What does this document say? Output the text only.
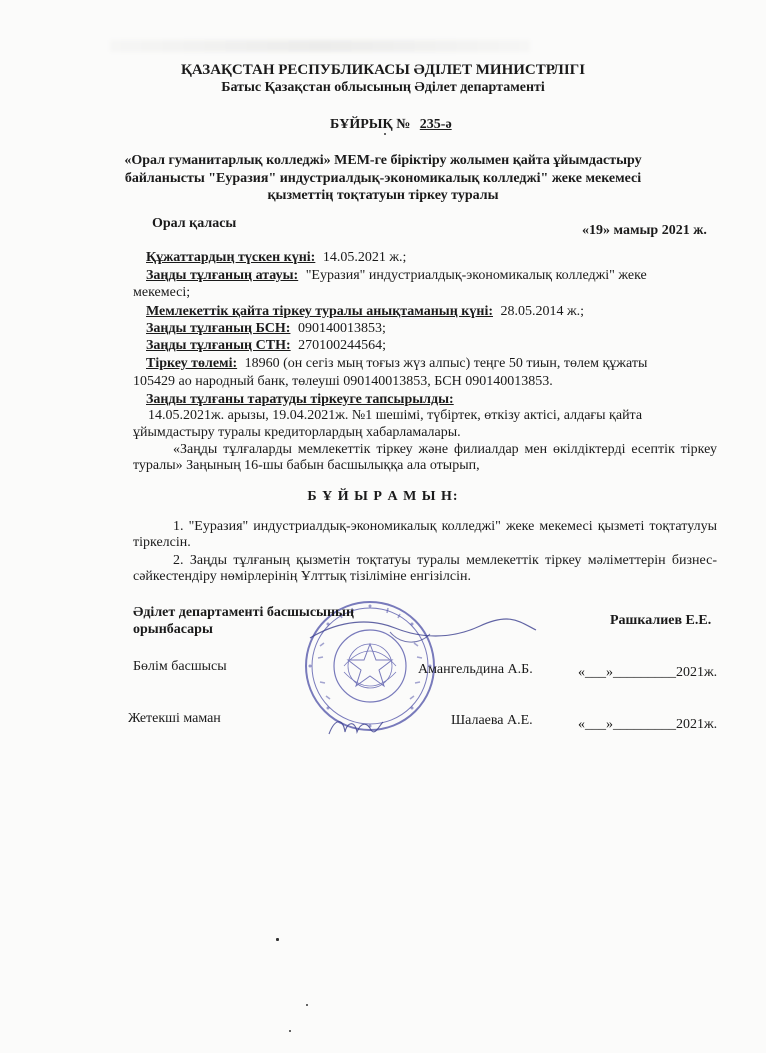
ҚАЗАҚСТАН РЕСПУБЛИКАСЫ ӘДІЛЕТ МИНИСТРЛІГІ
Батыс Қазақстан облысының Әділет департаменті
БҰЙРЫҚ № 235-ә
«Орал гуманитарлық колледжі» МЕМ-ге біріктіру жолымен қайта ұйымдастыру
байланысты "Еуразия" индустриалдық-экономикалық колледжі" жеке мекемесі
қызметтің тоқтатуын тіркеу туралы
Орал қаласы	«19» мамыр 2021 ж.
Құжаттардың түскен күні: 14.05.2021 ж.;
Заңды тұлғаның атауы: "Еуразия" индустриалдық-экономикалық колледжі" жеке
мекемесі;
Мемлекеттік қайта тіркеу туралы анықтаманың күні: 28.05.2014 ж.;
Заңды тұлғаның БСН: 090140013853;
Заңды тұлғаның СТН: 270100244564;
Тіркеу төлемі: 18960 (он сегіз мың тоғыз жүз алпыс) теңге 50 тиын, төлем құжаты
105429 ао народный банк, төлеуші 090140013853, БСН 090140013853.
Заңды тұлғаны таратуды тіркеуге тапсырылды:
14.05.2021ж. арызы, 19.04.2021ж. №1 шешімі, түбіртек, өткізу актісі, алдағы қайта
ұйымдастыру туралы кредиторлардың хабарламалары.
«Заңды тұлғаларды мемлекеттік тіркеу және филиалдар мен өкілдіктерді есептік тіркеу туралы» Заңының 16-шы бабын басшылыққа ала отырып,
Б Ұ Й Ы Р А М Ы Н:
1. "Еуразия" индустриалдық-экономикалық колледжі" жеке мекемесі қызметі тоқтатулуы тіркелсін.
2. Заңды тұлғаның қызметін тоқтатуы туралы мемлекеттік тіркеу мәліметтерін бизнес-сәйкестендіру нөмірлерінің Ұлттық тізіліміне енгізілсін.
Әділет департаменті басшысының
орынбасары
Рашкалиев Е.Е.
Бөлім басшысы	Амангельдина А.Б.	«___»_________2021ж.
Жетекші маман	Шалаева А.Е.	«___»_________2021ж.
